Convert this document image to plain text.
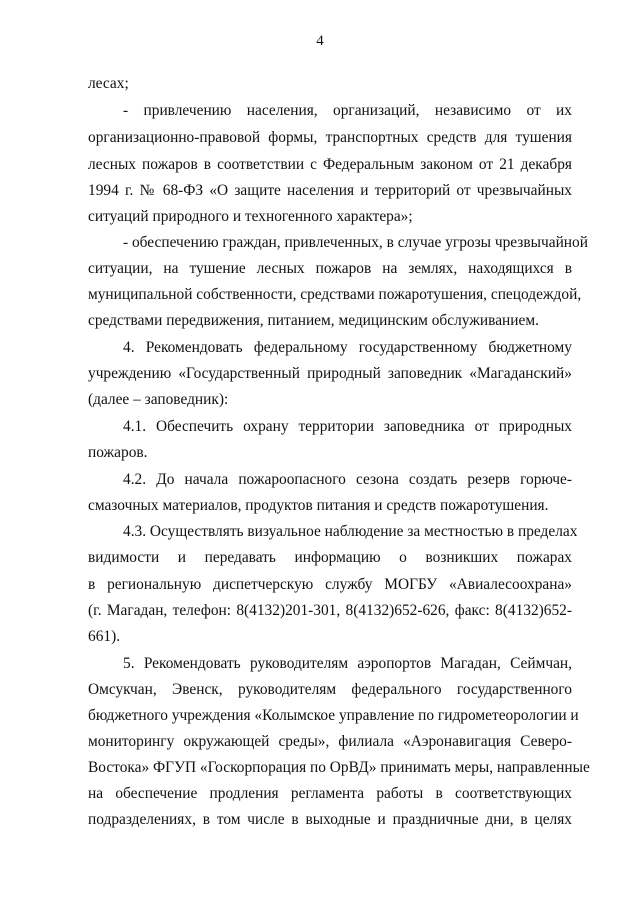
4
лесах;
- привлечению населения, организаций, независимо от их
организационно-правовой формы, транспортных средств для тушения
лесных пожаров в соответствии с Федеральным законом от 21 декабря
1994 г. № 68-ФЗ «О защите населения и территорий от чрезвычайных
ситуаций природного и техногенного характера»;
- обеспечению граждан, привлеченных, в случае угрозы чрезвычайной
ситуации, на тушение лесных пожаров на землях, находящихся в
муниципальной собственности, средствами пожаротушения, спецодеждой,
средствами передвижения, питанием, медицинским обслуживанием.
4. Рекомендовать федеральному государственному бюджетному
учреждению «Государственный природный заповедник «Магаданский»
(далее – заповедник):
4.1. Обеспечить охрану территории заповедника от природных
пожаров.
4.2. До начала пожароопасного сезона создать резерв горюче-
смазочных материалов, продуктов питания и средств пожаротушения.
4.3. Осуществлять визуальное наблюдение за местностью в пределах
видимости и передавать информацию о возникших пожарах
в региональную диспетчерскую службу МОГБУ «Авиалесоохрана»
(г. Магадан, телефон: 8(4132)201-301, 8(4132)652-626, факс: 8(4132)652-
661).
5. Рекомендовать руководителям аэропортов Магадан, Сеймчан,
Омсукчан, Эвенск, руководителям федерального государственного
бюджетного учреждения «Колымское управление по гидрометеорологии и
мониторингу окружающей среды», филиала «Аэронавигация Северо-
Востока» ФГУП «Госкорпорация по ОрВД» принимать меры, направленные
на обеспечение продления регламента работы в соответствующих
подразделениях, в том числе в выходные и праздничные дни, в целях
